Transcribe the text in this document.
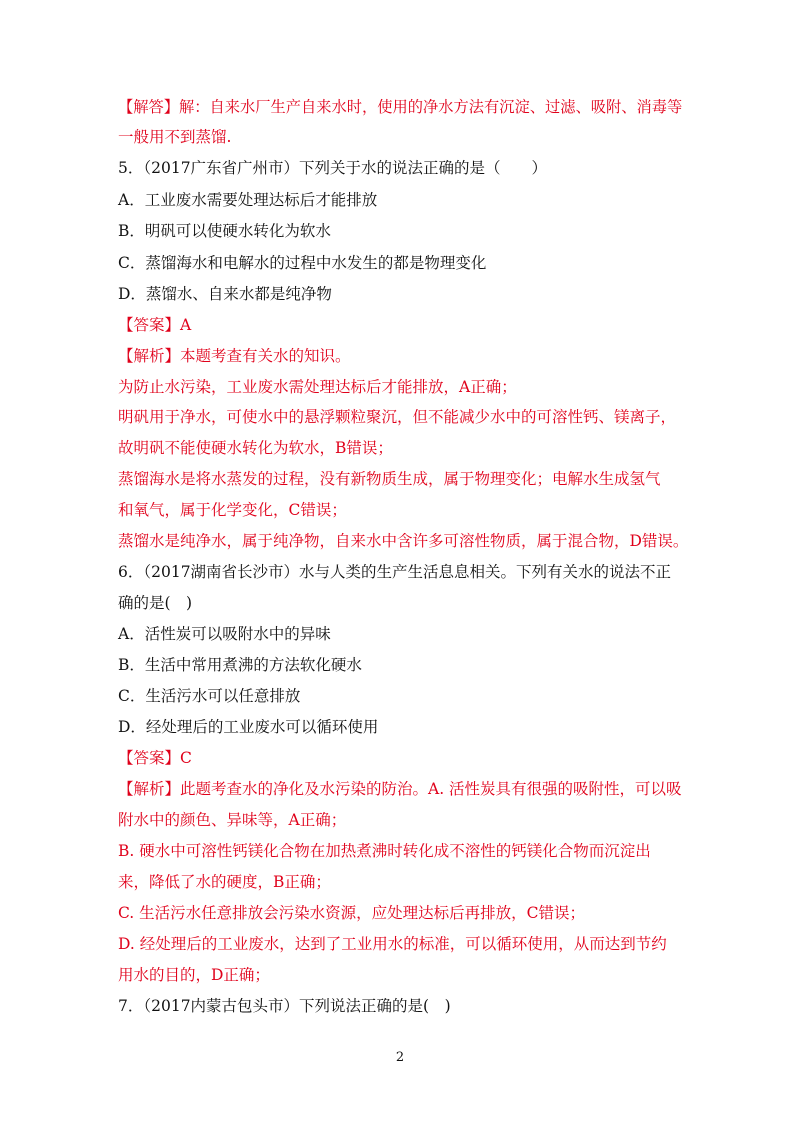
【解答】解：自来水厂生产自来水时，使用的净水方法有沉淀、过滤、吸附、消毒等
一般用不到蒸馏.
5．（2017广东省广州市）下列关于水的说法正确的是（　　）
A．工业废水需要处理达标后才能排放
B．明矾可以使硬水转化为软水
C．蒸馏海水和电解水的过程中水发生的都是物理变化
D．蒸馏水、自来水都是纯净物
【答案】A
【解析】本题考查有关水的知识。
为防止水污染，工业废水需处理达标后才能排放，A正确；
明矾用于净水，可使水中的悬浮颗粒聚沉，但不能减少水中的可溶性钙、镁离子，
故明矾不能使硬水转化为软水，B错误；
蒸馏海水是将水蒸发的过程，没有新物质生成，属于物理变化；电解水生成氢气
和氧气，属于化学变化，C错误；
蒸馏水是纯净水，属于纯净物，自来水中含许多可溶性物质，属于混合物，D错误。
6．（2017湖南省长沙市）水与人类的生产生活息息相关。下列有关水的说法不正
确的是(　)
A．活性炭可以吸附水中的异味
B．生活中常用煮沸的方法软化硬水
C．生活污水可以任意排放
D．经处理后的工业废水可以循环使用
【答案】C
【解析】此题考查水的净化及水污染的防治。A. 活性炭具有很强的吸附性，可以吸
附水中的颜色、异味等，A正确；
B. 硬水中可溶性钙镁化合物在加热煮沸时转化成不溶性的钙镁化合物而沉淀出
来，降低了水的硬度，B正确；
C. 生活污水任意排放会污染水资源，应处理达标后再排放，C错误；
D. 经处理后的工业废水，达到了工业用水的标准，可以循环使用，从而达到节约
用水的目的，D正确；
7．（2017内蒙古包头市）下列说法正确的是(　)
2
